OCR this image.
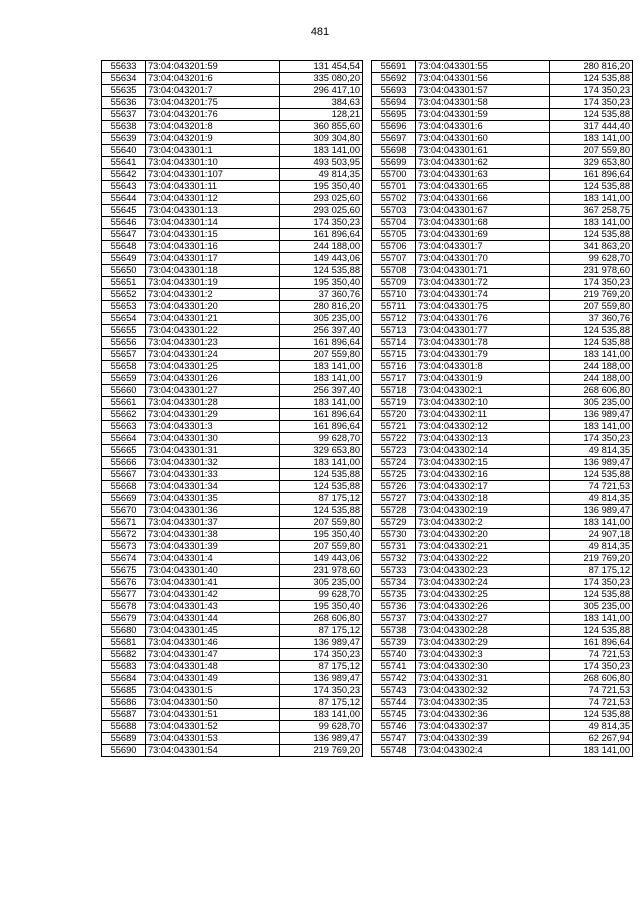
481
55633	73:04:043201:59	131 454,54
55634	73:04:043201:6	335 080,20
55635	73:04:043201:7	296 417,10
55636	73:04:043201:75	384,63
55637	73:04:043201:76	128,21
55638	73:04:043201:8	360 855,60
55639	73:04:043201:9	309 304,80
55640	73:04:043301:1	183 141,00
55641	73:04:043301:10	493 503,95
55642	73:04:043301:107	49 814,35
55643	73:04:043301:11	195 350,40
55644	73:04:043301:12	293 025,60
55645	73:04:043301:13	293 025,60
55646	73:04:043301:14	174 350,23
55647	73:04:043301:15	161 896,64
55648	73:04:043301:16	244 188,00
55649	73:04:043301:17	149 443,06
55650	73:04:043301:18	124 535,88
55651	73:04:043301:19	195 350,40
55652	73:04:043301:2	37 360,76
55653	73:04:043301:20	280 816,20
55654	73:04:043301:21	305 235,00
55655	73:04:043301:22	256 397,40
55656	73:04:043301:23	161 896,64
55657	73:04:043301:24	207 559,80
55658	73:04:043301:25	183 141,00
55659	73:04:043301:26	183 141,00
55660	73:04:043301:27	256 397,40
55661	73:04:043301:28	183 141,00
55662	73:04:043301:29	161 896,64
55663	73:04:043301:3	161 896,64
55664	73:04:043301:30	99 628,70
55665	73:04:043301:31	329 653,80
55666	73:04:043301:32	183 141,00
55667	73:04:043301:33	124 535,88
55668	73:04:043301:34	124 535,88
55669	73:04:043301:35	87 175,12
55670	73:04:043301:36	124 535,88
55671	73:04:043301:37	207 559,80
55672	73:04:043301:38	195 350,40
55673	73:04:043301:39	207 559,80
55674	73:04:043301:4	149 443,06
55675	73:04:043301:40	231 978,60
55676	73:04:043301:41	305 235,00
55677	73:04:043301:42	99 628,70
55678	73:04:043301:43	195 350,40
55679	73:04:043301:44	268 606,80
55680	73:04:043301:45	87 175,12
55681	73:04:043301:46	136 989,47
55682	73:04:043301:47	174 350,23
55683	73:04:043301:48	87 175,12
55684	73:04:043301:49	136 989,47
55685	73:04:043301:5	174 350,23
55686	73:04:043301:50	87 175,12
55687	73:04:043301:51	183 141,00
55688	73:04:043301:52	99 628,70
55689	73:04:043301:53	136 989,47
55690	73:04:043301:54	219 769,20
55691	73:04:043301:55	280 816,20
55692	73:04:043301:56	124 535,88
55693	73:04:043301:57	174 350,23
55694	73:04:043301:58	174 350,23
55695	73:04:043301:59	124 535,88
55696	73:04:043301:6	317 444,40
55697	73:04:043301:60	183 141,00
55698	73:04:043301:61	207 559,80
55699	73:04:043301:62	329 653,80
55700	73:04:043301:63	161 896,64
55701	73:04:043301:65	124 535,88
55702	73:04:043301:66	183 141,00
55703	73:04:043301:67	367 258,75
55704	73:04:043301:68	183 141,00
55705	73:04:043301:69	124 535,88
55706	73:04:043301:7	341 863,20
55707	73:04:043301:70	99 628,70
55708	73:04:043301:71	231 978,60
55709	73:04:043301:72	174 350,23
55710	73:04:043301:74	219 769,20
55711	73:04:043301:75	207 559,80
55712	73:04:043301:76	37 360,76
55713	73:04:043301:77	124 535,88
55714	73:04:043301:78	124 535,88
55715	73:04:043301:79	183 141,00
55716	73:04:043301:8	244 188,00
55717	73:04:043301:9	244 188,00
55718	73:04:043302:1	268 606,80
55719	73:04:043302:10	305 235,00
55720	73:04:043302:11	136 989,47
55721	73:04:043302:12	183 141,00
55722	73:04:043302:13	174 350,23
55723	73:04:043302:14	49 814,35
55724	73:04:043302:15	136 989,47
55725	73:04:043302:16	124 535,88
55726	73:04:043302:17	74 721,53
55727	73:04:043302:18	49 814,35
55728	73:04:043302:19	136 989,47
55729	73:04:043302:2	183 141,00
55730	73:04:043302:20	24 907,18
55731	73:04:043302:21	49 814,35
55732	73:04:043302:22	219 769,20
55733	73:04:043302:23	87 175,12
55734	73:04:043302:24	174 350,23
55735	73:04:043302:25	124 535,88
55736	73:04:043302:26	305 235,00
55737	73:04:043302:27	183 141,00
55738	73:04:043302:28	124 535,88
55739	73:04:043302:29	161 896,64
55740	73:04:043302:3	74 721,53
55741	73:04:043302:30	174 350,23
55742	73:04:043302:31	268 606,80
55743	73:04:043302:32	74 721,53
55744	73:04:043302:35	74 721,53
55745	73:04:043302:36	124 535,88
55746	73:04:043302:37	49 814,35
55747	73:04:043302:39	62 267,94
55748	73:04:043302:4	183 141,00
